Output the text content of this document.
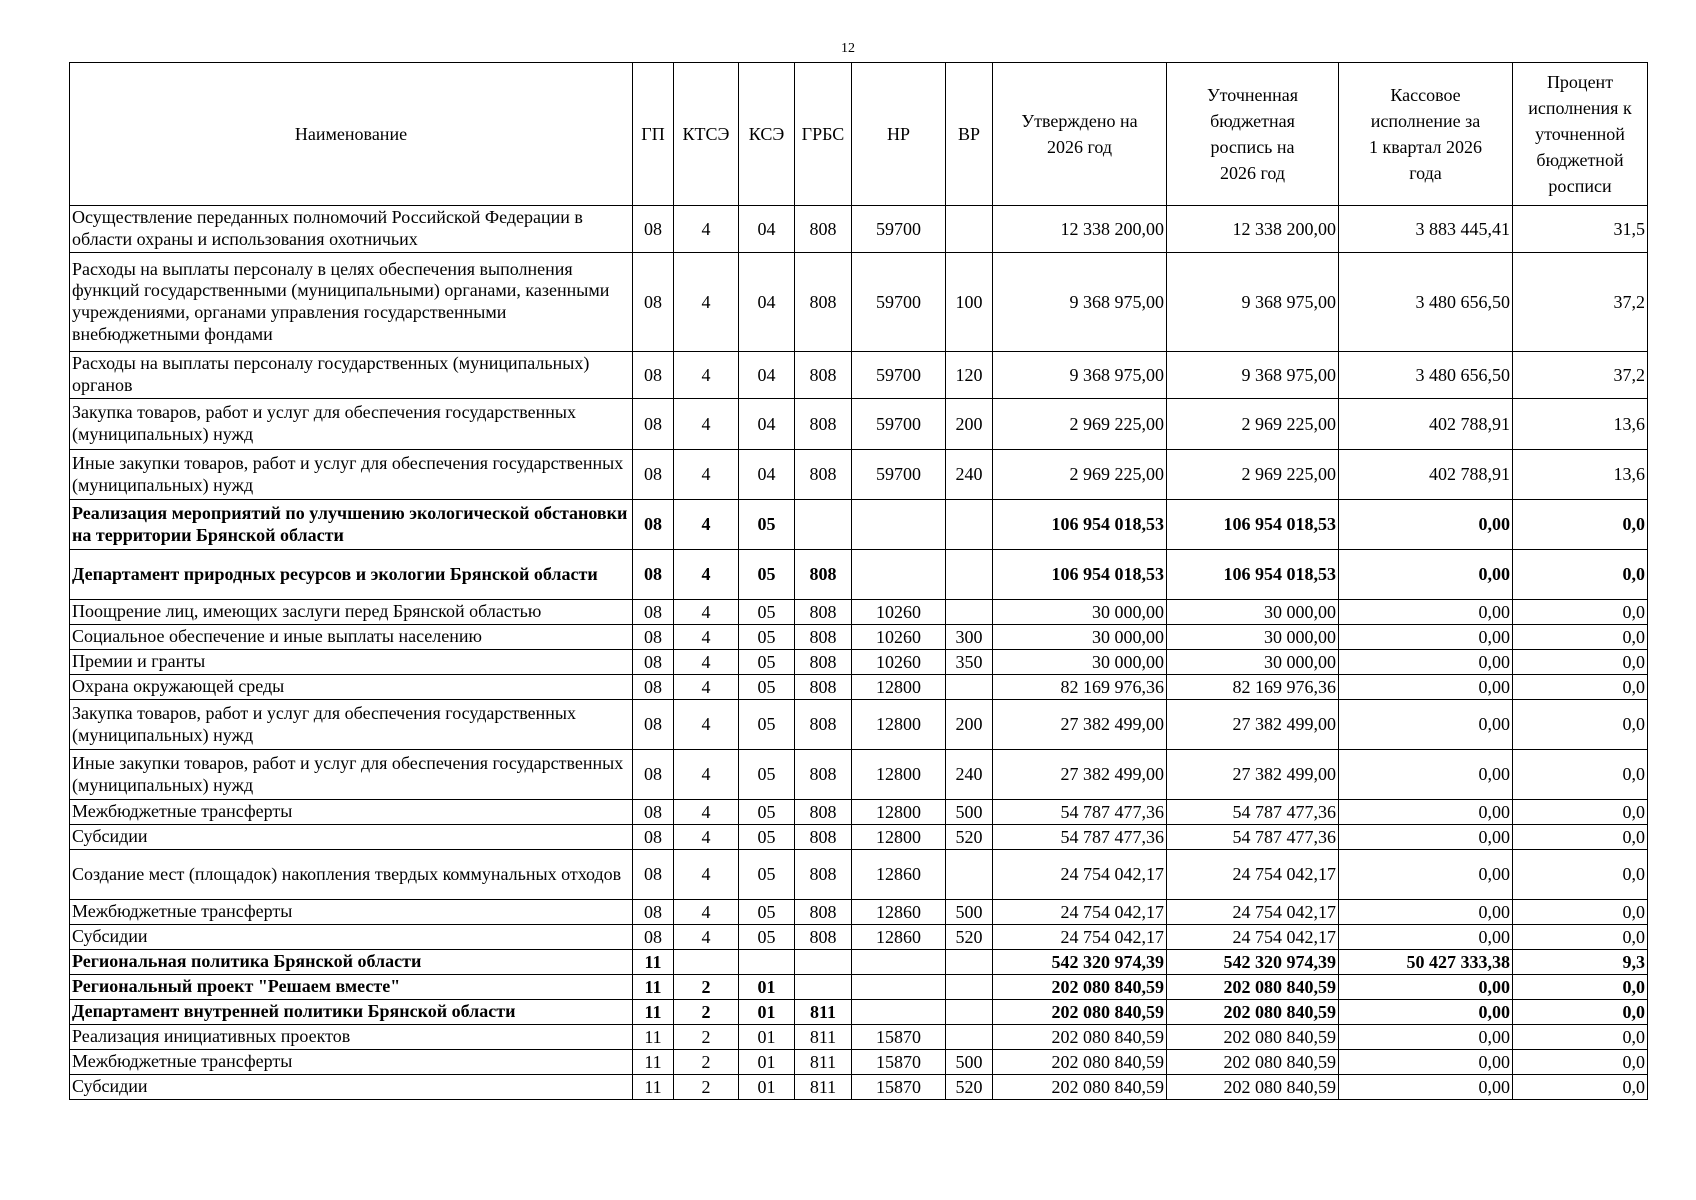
12
Наименование	ГП	КТСЭ	КСЭ	ГРБС	НР	ВР	Утверждено на 2026 год	Уточненная бюджетная роспись на 2026 год	Кассовое исполнение за 1 квартал 2026 года	Процент исполнения к уточненной бюджетной росписи
Осуществление переданных полномочий Российской Федерации в области охраны и использования охотничьих	08	4	04	808	59700		12 338 200,00	12 338 200,00	3 883 445,41	31,5
Расходы на выплаты персоналу в целях обеспечения выполнения функций государственными (муниципальными) органами, казенными учреждениями, органами управления государственными внебюджетными фондами	08	4	04	808	59700	100	9 368 975,00	9 368 975,00	3 480 656,50	37,2
Расходы на выплаты персоналу государственных (муниципальных) органов	08	4	04	808	59700	120	9 368 975,00	9 368 975,00	3 480 656,50	37,2
Закупка товаров, работ и услуг для обеспечения государственных (муниципальных) нужд	08	4	04	808	59700	200	2 969 225,00	2 969 225,00	402 788,91	13,6
Иные закупки товаров, работ и услуг для обеспечения государственных (муниципальных) нужд	08	4	04	808	59700	240	2 969 225,00	2 969 225,00	402 788,91	13,6
Реализация мероприятий по улучшению экологической обстановки на территории Брянской области	08	4	05				106 954 018,53	106 954 018,53	0,00	0,0
Департамент природных ресурсов и экологии Брянской области	08	4	05	808			106 954 018,53	106 954 018,53	0,00	0,0
Поощрение лиц, имеющих заслуги перед Брянской областью	08	4	05	808	10260		30 000,00	30 000,00	0,00	0,0
Социальное обеспечение и иные выплаты населению	08	4	05	808	10260	300	30 000,00	30 000,00	0,00	0,0
Премии и гранты	08	4	05	808	10260	350	30 000,00	30 000,00	0,00	0,0
Охрана окружающей среды	08	4	05	808	12800		82 169 976,36	82 169 976,36	0,00	0,0
Закупка товаров, работ и услуг для обеспечения государственных (муниципальных) нужд	08	4	05	808	12800	200	27 382 499,00	27 382 499,00	0,00	0,0
Иные закупки товаров, работ и услуг для обеспечения государственных (муниципальных) нужд	08	4	05	808	12800	240	27 382 499,00	27 382 499,00	0,00	0,0
Межбюджетные трансферты	08	4	05	808	12800	500	54 787 477,36	54 787 477,36	0,00	0,0
Субсидии	08	4	05	808	12800	520	54 787 477,36	54 787 477,36	0,00	0,0
Создание мест (площадок) накопления твердых коммунальных отходов	08	4	05	808	12860		24 754 042,17	24 754 042,17	0,00	0,0
Межбюджетные трансферты	08	4	05	808	12860	500	24 754 042,17	24 754 042,17	0,00	0,0
Субсидии	08	4	05	808	12860	520	24 754 042,17	24 754 042,17	0,00	0,0
Региональная политика Брянской области	11						542 320 974,39	542 320 974,39	50 427 333,38	9,3
Региональный проект "Решаем вместе"	11	2	01				202 080 840,59	202 080 840,59	0,00	0,0
Департамент внутренней политики Брянской области	11	2	01	811			202 080 840,59	202 080 840,59	0,00	0,0
Реализация инициативных проектов	11	2	01	811	15870		202 080 840,59	202 080 840,59	0,00	0,0
Межбюджетные трансферты	11	2	01	811	15870	500	202 080 840,59	202 080 840,59	0,00	0,0
Субсидии	11	2	01	811	15870	520	202 080 840,59	202 080 840,59	0,00	0,0
